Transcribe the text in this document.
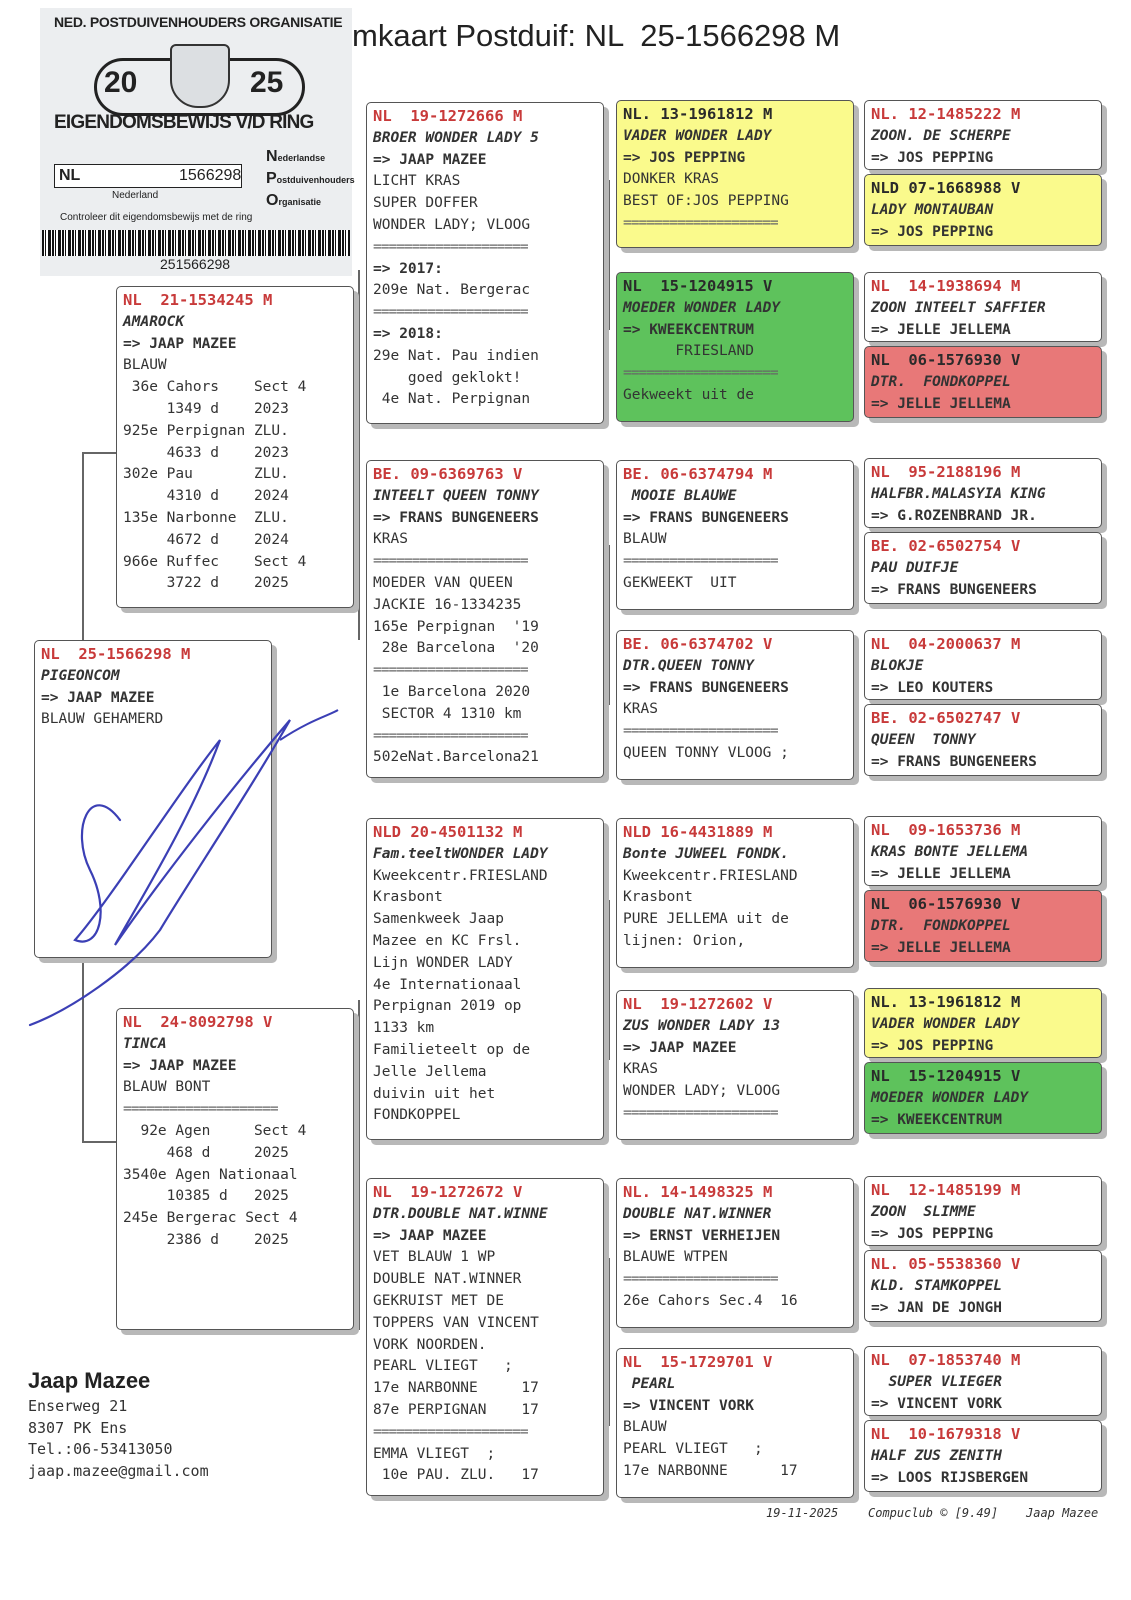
mkaart Postduif: NL  25-1566298 M
NED. POSTDUIVENHOUDERS ORGANISATIE
20	25
EIGENDOMSBEWIJS V/D RING
NL	1566298
Nederland
Nederlandse
Postduivenhouders
Organisatie
Controleer dit eigendomsbewijs met de ring
251566298
NL  21-1534245 M
AMAROCK
=> JAAP MAZEE
BLAUW
36e Cahors    Sect 4
1349 d    2023
925e Perpignan ZLU.
4633 d    2023
302e Pau       ZLU.
4310 d    2024
135e Narbonne  ZLU.
4672 d    2024
966e Ruffec    Sect 4
3722 d    2025
NL  25-1566298 M
PIGEONCOM
=> JAAP MAZEE
BLAUW GEHAMERD
NL  24-8092798 V
TINCA
=> JAAP MAZEE
BLAUW BONT
====================
92e Agen     Sect 4
468 d     2025
3540e Agen Nationaal
10385 d   2025
245e Bergerac Sect 4
2386 d    2025
NL  19-1272666 M
BROER WONDER LADY 5
=> JAAP MAZEE
LICHT KRAS
SUPER DOFFER
WONDER LADY; VLOOG
====================
=> 2017:
209e Nat. Bergerac
====================
=> 2018:
29e Nat. Pau indien
goed geklokt!
4e Nat. Perpignan
BE. 09-6369763 V
INTEELT QUEEN TONNY
=> FRANS BUNGENEERS
KRAS
====================
MOEDER VAN QUEEN
JACKIE 16-1334235
165e Perpignan  '19
28e Barcelona  '20
====================
1e Barcelona 2020
SECTOR 4 1310 km
====================
502eNat.Barcelona21
NLD 20-4501132 M
Fam.teeltWONDER LADY
Kweekcentr.FRIESLAND
Krasbont
Samenkweek Jaap
Mazee en KC Frsl.
Lijn WONDER LADY
4e Internationaal
Perpignan 2019 op
1133 km
Familieteelt op de
Jelle Jellema
duivin uit het
FONDKOPPEL
NL  19-1272672 V
DTR.DOUBLE NAT.WINNE
=> JAAP MAZEE
VET BLAUW 1 WP
DOUBLE NAT.WINNER
GEKRUIST MET DE
TOPPERS VAN VINCENT
VORK NOORDEN.
PEARL VLIEGT   ;
17e NARBONNE     17
87e PERPIGNAN    17
====================
EMMA VLIEGT  ;
10e PAU. ZLU.   17
NL. 13-1961812 M
VADER WONDER LADY
=> JOS PEPPING
DONKER KRAS
BEST OF:JOS PEPPING
====================
NL  15-1204915 V
MOEDER WONDER LADY
=> KWEEKCENTRUM
FRIESLAND
====================
Gekweekt uit de
BE. 06-6374794 M
MOOIE BLAUWE
=> FRANS BUNGENEERS
BLAUW
====================
GEKWEEKT  UIT
BE. 06-6374702 V
DTR.QUEEN TONNY
=> FRANS BUNGENEERS
KRAS
====================
QUEEN TONNY VLOOG ;
NLD 16-4431889 M
Bonte JUWEEL FONDK.
Kweekcentr.FRIESLAND
Krasbont
PURE JELLEMA uit de
lijnen: Orion,
NL  19-1272602 V
ZUS WONDER LADY 13
=> JAAP MAZEE
KRAS
WONDER LADY; VLOOG
====================
NL. 14-1498325 M
DOUBLE NAT.WINNER
=> ERNST VERHEIJEN
BLAUWE WTPEN
====================
26e Cahors Sec.4  16
NL  15-1729701 V
PEARL
=> VINCENT VORK
BLAUW
PEARL VLIEGT   ;
17e NARBONNE      17
NL. 12-1485222 M
ZOON. DE SCHERPE
=> JOS PEPPING
NLD 07-1668988 V
LADY MONTAUBAN
=> JOS PEPPING
NL  14-1938694 M
ZOON INTEELT SAFFIER
=> JELLE JELLEMA
NL  06-1576930 V
DTR.  FONDKOPPEL
=> JELLE JELLEMA
NL  95-2188196 M
HALFBR.MALASYIA KING
=> G.ROZENBRAND JR.
BE. 02-6502754 V
PAU DUIFJE
=> FRANS BUNGENEERS
NL  04-2000637 M
BLOKJE
=> LEO KOUTERS
BE. 02-6502747 V
QUEEN  TONNY
=> FRANS BUNGENEERS
NL  09-1653736 M
KRAS BONTE JELLEMA
=> JELLE JELLEMA
NL  06-1576930 V
DTR.  FONDKOPPEL
=> JELLE JELLEMA
NL. 13-1961812 M
VADER WONDER LADY
=> JOS PEPPING
NL  15-1204915 V
MOEDER WONDER LADY
=> KWEEKCENTRUM
NL  12-1485199 M
ZOON  SLIMME
=> JOS PEPPING
NL. 05-5538360 V
KLD. STAMKOPPEL
=> JAN DE JONGH
NL  07-1853740 M
SUPER VLIEGER
=> VINCENT VORK
NL  10-1679318 V
HALF ZUS ZENITH
=> LOOS RIJSBERGEN
Jaap Mazee
Enserweg 21
8307 PK Ens
Tel.:06-53413050
jaap.mazee@gmail.com
19-11-2025 Compuclub © [9.49] Jaap Mazee
